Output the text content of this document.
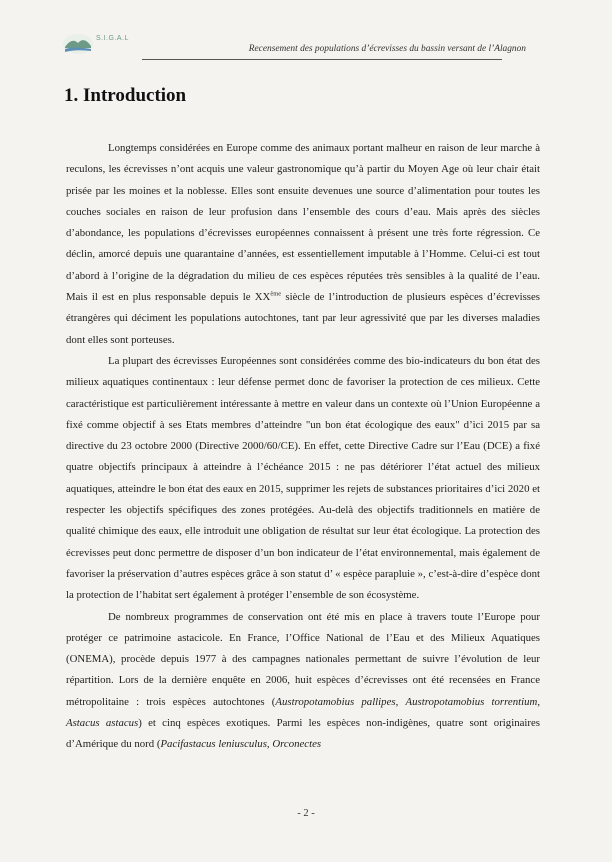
S.I.G.A.L
Recensement des populations d’écrevisses du bassin versant de l’Alagnon
1. Introduction

Longtemps considérées en Europe comme des animaux portant malheur en raison de leur marche à reculons, les écrevisses n’ont acquis une valeur gastronomique qu’à partir du Moyen Age où leur chair était prisée par les moines et la noblesse. Elles sont ensuite devenues une source d’alimentation pour toutes les couches sociales en raison de leur profusion dans l’ensemble des cours d’eau. Mais après des siècles d’abondance, les populations d’écrevisses européennes connaissent à présent une très forte régression. Ce déclin, amorcé depuis une quarantaine d’années, est essentiellement imputable à l’Homme. Celui-ci est tout d’abord à l’origine de la dégradation du milieu de ces espèces réputées très sensibles à la qualité de l’eau. Mais il est en plus responsable depuis le XXème siècle de l’introduction de plusieurs espèces d’écrevisses étrangères qui déciment les populations autochtones, tant par leur agressivité que par les diverses maladies dont elles sont porteuses.

La plupart des écrevisses Européennes sont considérées comme des bio-indicateurs du bon état des milieux aquatiques continentaux : leur défense permet donc de favoriser la protection de ces milieux. Cette caractéristique est particulièrement intéressante à mettre en valeur dans un contexte où l’Union Européenne a fixé comme objectif à ses Etats membres d’atteindre "un bon état écologique des eaux" d’ici 2015 par sa directive du 23 octobre 2000 (Directive 2000/60/CE). En effet, cette Directive Cadre sur l’Eau (DCE) a fixé quatre objectifs principaux à atteindre à l’échéance 2015 : ne pas détériorer l’état actuel des milieux aquatiques, atteindre le bon état des eaux en 2015, supprimer les rejets de substances prioritaires d’ici 2020 et respecter les objectifs spécifiques des zones protégées. Au-delà des objectifs traditionnels en matière de qualité chimique des eaux, elle introduit une obligation de résultat sur leur état écologique. La protection des écrevisses peut donc permettre de disposer d’un bon indicateur de l’état environnemental, mais également de favoriser la préservation d’autres espèces grâce à son statut d’ « espèce parapluie », c’est-à-dire d’espèce dont la protection de l’habitat sert également à protéger l’ensemble de son écosystème.

De nombreux programmes de conservation ont été mis en place à travers toute l’Europe pour protéger ce patrimoine astacicole. En France, l’Office National de l’Eau et des Milieux Aquatiques (ONEMA), procède depuis 1977 à des campagnes nationales permettant de suivre l’évolution de leur répartition. Lors de la dernière enquête en 2006, huit espèces d’écrevisses ont été recensées en France métropolitaine : trois espèces autochtones (Austropotamobius pallipes, Austropotamobius torrentium, Astacus astacus) et cinq espèces exotiques. Parmi les espèces non-indigènes, quatre sont originaires d’Amérique du nord (Pacifastacus leniusculus, Orconectes

- 2 -
